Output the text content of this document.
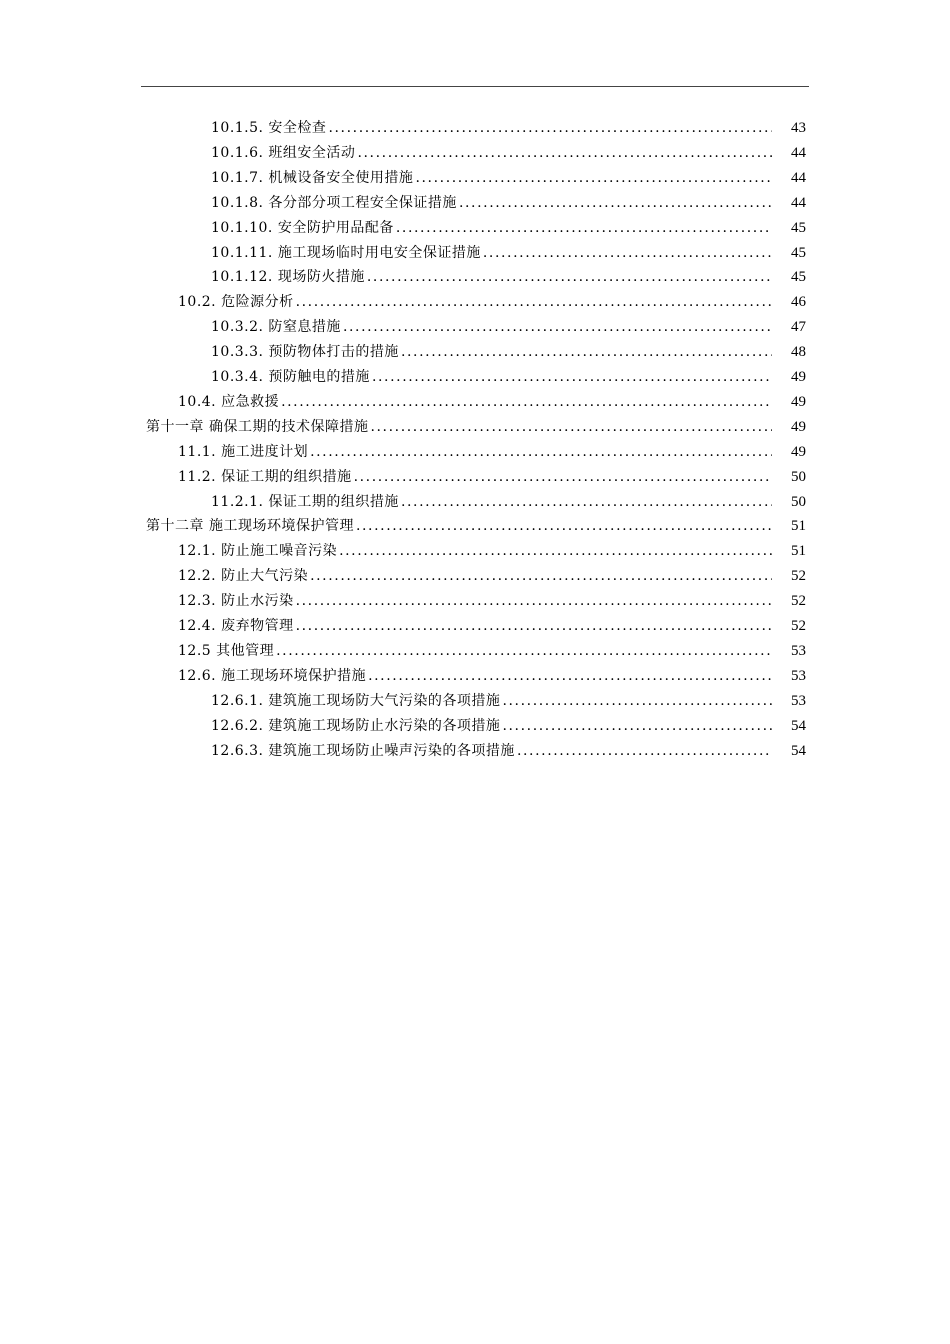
10.1.5. 安全检查 .....	43
10.1.6. 班组安全活动 .....	44
10.1.7. 机械设备安全使用措施 .....	44
10.1.8. 各分部分项工程安全保证措施 .....	44
10.1.10. 安全防护用品配备 .....	45
10.1.11. 施工现场临时用电安全保证措施 .....	45
10.1.12. 现场防火措施 .....	45
10.2. 危险源分析 .....	46
10.3.2. 防窒息措施 .....	47
10.3.3. 预防物体打击的措施 .....	48
10.3.4. 预防触电的措施 .....	49
10.4. 应急救援 .....	49
第十一章 确保工期的技术保障措施 .....	49
11.1. 施工进度计划 .....	49
11.2. 保证工期的组织措施 .....	50
11.2.1. 保证工期的组织措施 .....	50
第十二章 施工现场环境保护管理 .....	51
12.1. 防止施工噪音污染 .....	51
12.2. 防止大气污染 .....	52
12.3. 防止水污染 .....	52
12.4. 废弃物管理 .....	52
12.5 其他管理 .....	53
12.6. 施工现场环境保护措施 .....	53
12.6.1. 建筑施工现场防大气污染的各项措施 .....	53
12.6.2. 建筑施工现场防止水污染的各项措施 .....	54
12.6.3. 建筑施工现场防止噪声污染的各项措施 .....	54
